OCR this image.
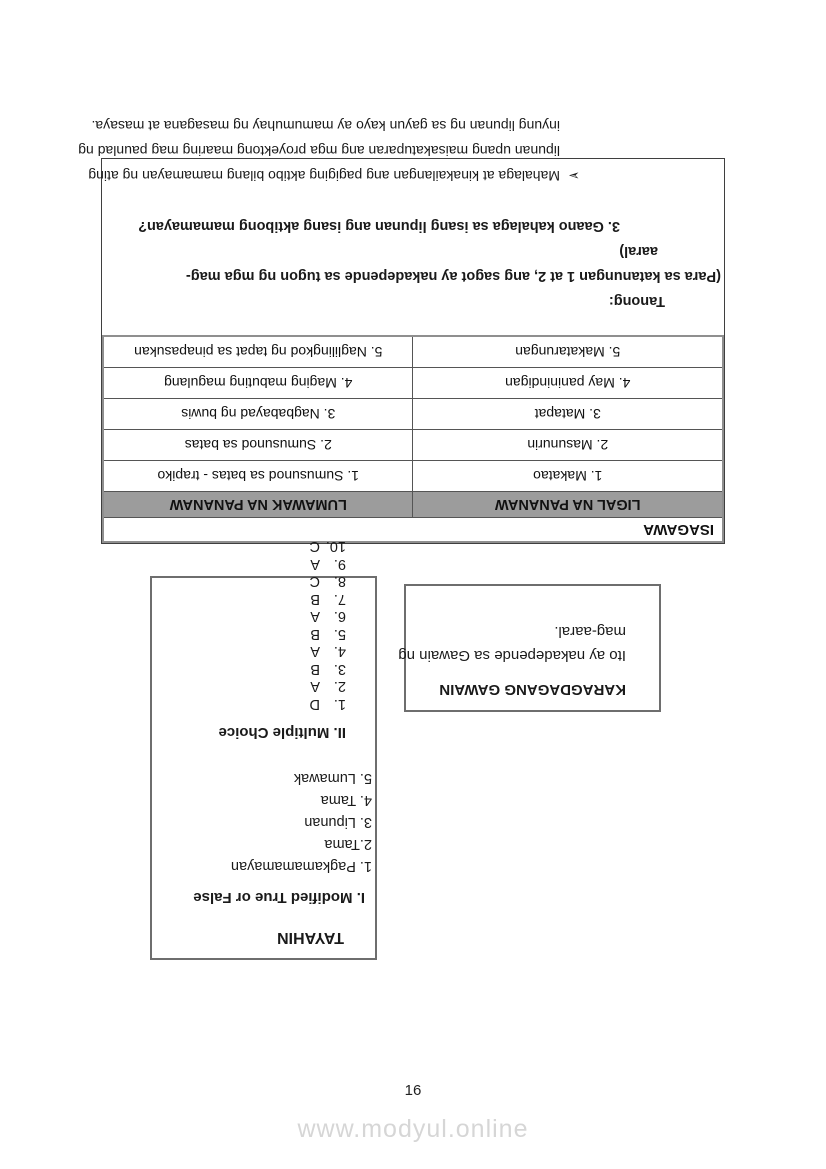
ISAGAWA	
LIGAL NA PANANAW	LUMAWAK NA PANANAW
1. Makatao	1. Sumusunod sa batas - trapiko
2. Masunurin	2. Sumusunod sa batas
3. Matapat	3. Nagbabayad ng buwis
4. May paninindigan	4. Maging mabuting magulang
5. Makatarungan	5. Naglilingkod ng tapat sa pinapasukan

Tanong:

(Para sa katanungan 1 at 2, ang sagot ay nakadepende sa tugon ng mga mag-

aaral)

3. Gaano kahalaga sa isang lipunan ang isang aktibong mamamayan?

➢

Mahalaga at kinakailangan ang pagiging aktibo bilang mamamayan ng ating

lipunan upang maisakatuparan ang mga proyektong maaring mag paunlad ng

inyung lipunan ng sa gayun kayo ay mamumuhay ng masagana at masaya.

TAYAHIN
I. Modified True or False

1. Pagkamamamayan

2.Tama

3. Lipunan

4. Tama

5. Lumawak

II. Multiple Choice

1.D

2.A

3.B

4.A

5.B

6.A

7.B

8.C

9.A

10.C

KARAGDAGANG GAWAIN

Ito ay nakadepende sa Gawain ng

mag-aaral.

16
www.modyul.online
